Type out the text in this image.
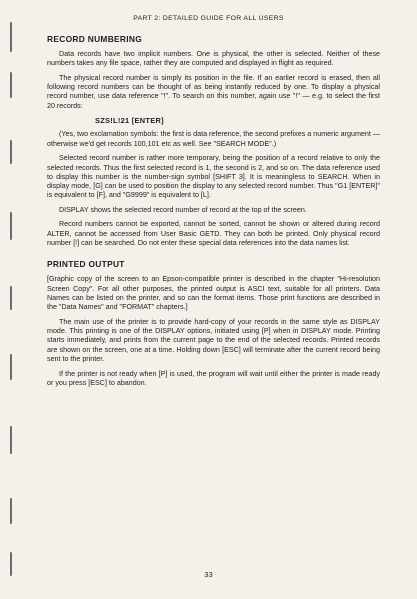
PART 2: DETAILED GUIDE FOR ALL USERS
RECORD NUMBERING

Data records have two implicit numbers. One is physical, the other is selected. Neither of these numbers takes any file space, rather they are computed and displayed in flight as required.

The physical record number is simply its position in the file. If an earlier record is erased, then all following record numbers can be thought of as being instantly reduced by one. To display a physical record number, use data reference "!". To search on this number, again use "!" — e.g. to select the first 20 records:

SZS!L!21 [ENTER]

(Yes, two exclamation symbols: the first is data reference, the second prefixes a numeric argument — otherwise we'd get records 100,101 etc as well. See "SEARCH MODE".)

Selected record number is rather more temporary, being the position of a record relative to only the selected records. Thus the first selected record is 1, the second is 2, and so on. The data reference used to display this number is the number-sign symbol [SHIFT 3]. It is meaningless to SEARCH. When in display mode, [G] can be used to position the display to any selected record number. Thus "G1 [ENTER]" is equivalent to [F], and "G9999" is equivalent to [L].

DISPLAY shows the selected record number of record at the top of the screen.

Record numbers cannot be exported, cannot be sorted, cannot be shown or altered during record ALTER, cannot be accessed from User Basic GETD. They can both be printed. Only physical record number [!] can be searched. Do not enter these special data references into the data names list.

PRINTED OUTPUT

[Graphic copy of the screen to an Epson-compatible printer is described in the chapter "Hi-resolution Screen Copy". For all other purposes, the printed output is ASCI text, suitable for all printers. Data Names can be listed on the printer, and so can the format items. Those print functions are described in the "Data Names" and "FORMAT" chapters.]

The main use of the printer is to provide hard-copy of your records in the same style as DISPLAY mode. This printing is one of the DISPLAY options, initiated using [P] when in DISPLAY mode. Printing starts immediately, and prints from the current page to the end of the selected records. Printed records are shown on the screen, one at a time. Holding down [ESC] will terminate after the current record being sent to the printer.

If the printer is not ready when [P] is used, the program will wait until either the printer is made ready or you press [ESC] to abandon.

33
